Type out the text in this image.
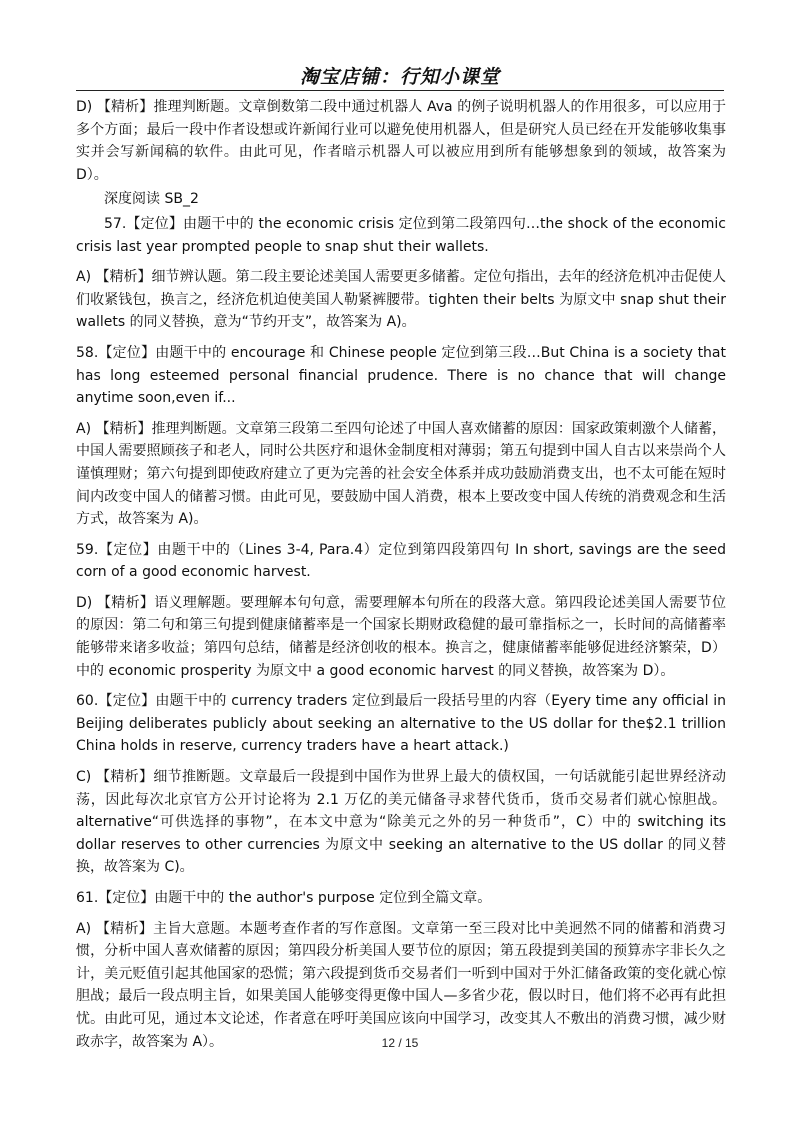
淘宝店铺：行知小课堂

D) 【精析】推理判断题。文章倒数第二段中通过机器人 Ava 的例子说明机器人的作用很多，可以应用于多个方面；最后一段中作者设想或许新闻行业可以避免使用机器人，但是研究人员已经在开发能够收集事实并会写新闻稿的软件。由此可见，作者暗示机器人可以被应用到所有能够想象到的领域，故答案为 D）。

深度阅读 SB_2

57.【定位】由题干中的 the economic crisis 定位到第二段第四句…the shock of the economic crisis last year prompted people to snap shut their wallets.

A) 【精析】细节辨认题。第二段主要论述美国人需要更多储蓄。定位句指出，去年的经济危机冲击促使人们收紧钱包，换言之，经济危机迫使美国人勒紧裤腰带。tighten their belts 为原文中 snap shut their wallets 的同义替换，意为“节约开支”，故答案为 A)。

58.【定位】由题干中的 encourage 和 Chinese people 定位到第三段…But China is a society that has long esteemed personal financial prudence. There is no chance that will change anytime soon,even if...

A) 【精析】推理判断题。文章第三段第二至四句论述了中国人喜欢储蓄的原因：国家政策刺激个人储蓄，中国人需要照顾孩子和老人，同时公共医疗和退休金制度相对薄弱；第五句提到中国人自古以来崇尚个人谨慎理财；第六句提到即使政府建立了更为完善的社会安全体系并成功鼓励消费支出，也不太可能在短时间内改变中国人的储蓄习惯。由此可见，要鼓励中国人消费，根本上要改变中国人传统的消费观念和生活方式，故答案为 A)。

59.【定位】由题干中的（Lines 3-4, Para.4）定位到第四段第四句 In short, savings are the seed corn of a good economic harvest.

D) 【精析】语义理解题。要理解本句句意，需要理解本句所在的段落大意。第四段论述美国人需要节位的原因：第二句和第三句提到健康储蓄率是一个国家长期财政稳健的最可靠指标之一，长时间的高储蓄率能够带来诸多收益；第四句总结，储蓄是经济创收的根本。换言之，健康储蓄率能够促进经济繁荣，D）中的 economic prosperity 为原文中 a good economic harvest 的同义替换，故答案为 D）。

60.【定位】由题干中的 currency traders 定位到最后一段括号里的内容（Eyery time any official in Beijing deliberates publicly about seeking an alternative to the US dollar for the$2.1 trillion China holds in reserve, currency traders have a heart attack.)

C) 【精析】细节推断题。文章最后一段提到中国作为世界上最大的债权国，一句话就能引起世界经济动荡，因此每次北京官方公开讨论将为 2.1 万亿的美元储备寻求替代货币，货币交易者们就心惊胆战。alternative“可供选择的事物”，在本文中意为“除美元之外的另一种货币”，C）中的 switching its dollar reserves to other currencies 为原文中 seeking an alternative to the US dollar 的同义替换，故答案为 C)。

61.【定位】由题干中的 the author's purpose 定位到全篇文章。

A) 【精析】主旨大意题。本题考查作者的写作意图。文章第一至三段对比中美迥然不同的储蓄和消费习惯，分析中国人喜欢储蓄的原因；第四段分析美国人要节位的原因；第五段提到美国的预算赤字非长久之计，美元贬值引起其他国家的恐慌；第六段提到货币交易者们一听到中国对于外汇储备政策的变化就心惊胆战；最后一段点明主旨，如果美国人能够变得更像中国人—多省少花，假以时日，他们将不必再有此担忧。由此可见，通过本文论述，作者意在呼吁美国应该向中国学习，改变其人不敷出的消费习惯，减少财政赤字，故答案为 A）。	12 / 15
